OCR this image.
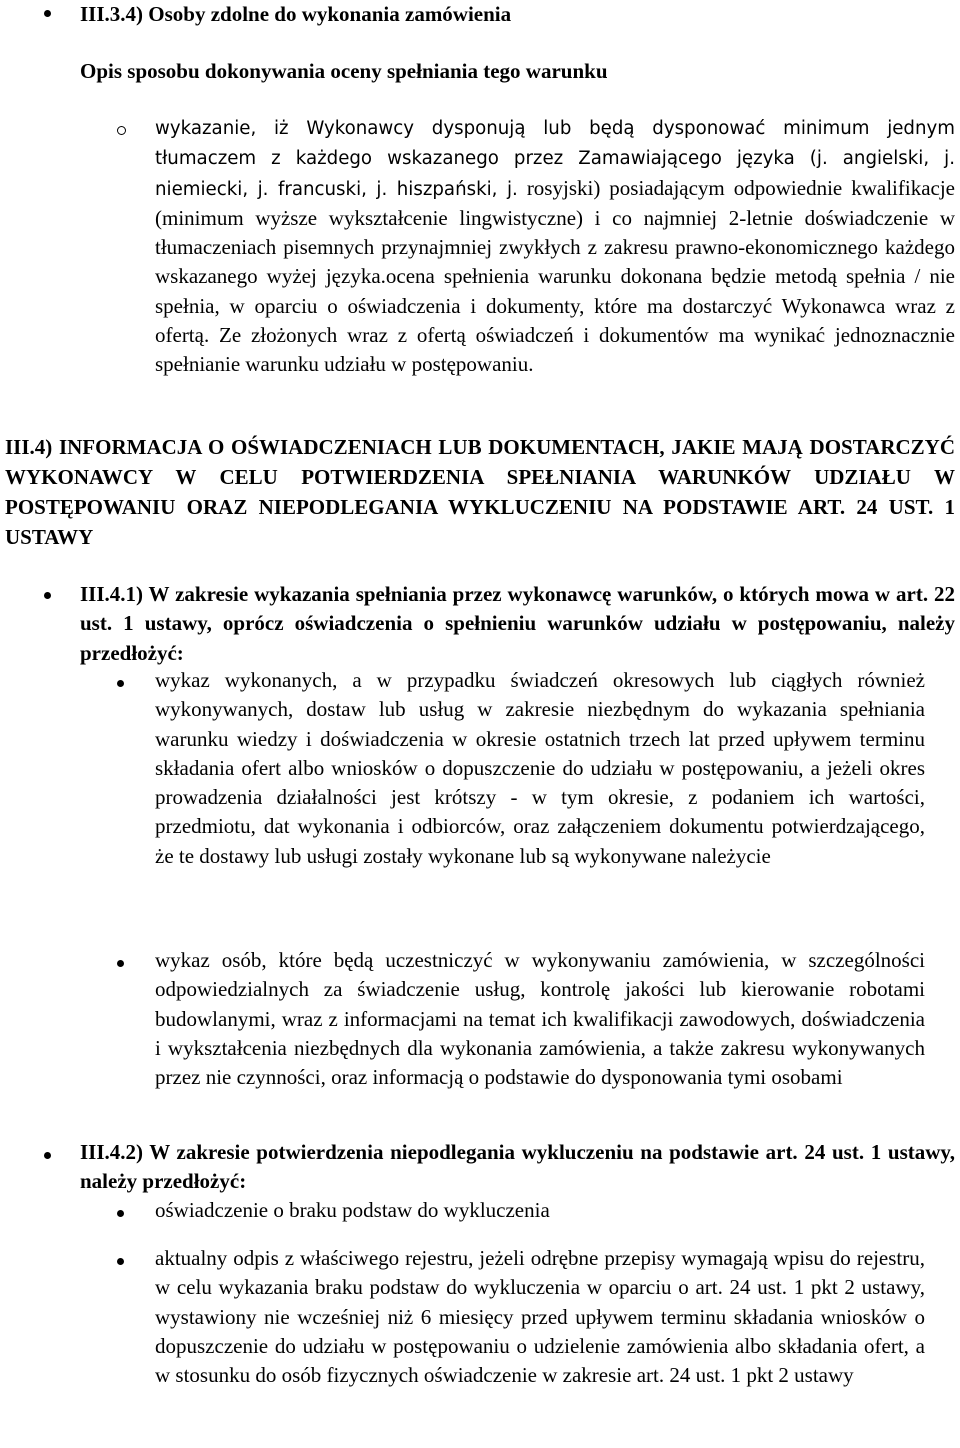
III.3.4) Osoby zdolne do wykonania zamówienia
Opis sposobu dokonywania oceny spełniania tego warunku
wykazanie, iż Wykonawcy dysponują lub będą dysponować minimum jednym tłumaczem z każdego wskazanego przez Zamawiającego języka (j. angielski, j. niemiecki, j. francuski, j. hiszpański, j. rosyjski) posiadającym odpowiednie kwalifikacje (minimum wyższe wykształcenie lingwistyczne) i co najmniej 2-letnie doświadczenie w tłumaczeniach pisemnych przynajmniej zwykłych z zakresu prawno-ekonomicznego każdego wskazanego wyżej języka.ocena spełnienia warunku dokonana będzie metodą spełnia / nie spełnia, w oparciu o oświadczenia i dokumenty, które ma dostarczyć Wykonawca wraz z ofertą. Ze złożonych wraz z ofertą oświadczeń i dokumentów ma wynikać jednoznacznie spełnianie warunku udziału w postępowaniu.
III.4) INFORMACJA O OŚWIADCZENIACH LUB DOKUMENTACH, JAKIE MAJĄ DOSTARCZYĆ WYKONAWCY W CELU POTWIERDZENIA SPEŁNIANIA WARUNKÓW UDZIAŁU W POSTĘPOWANIU ORAZ NIEPODLEGANIA WYKLUCZENIU NA PODSTAWIE ART. 24 UST. 1 USTAWY
III.4.1) W zakresie wykazania spełniania przez wykonawcę warunków, o których mowa w art. 22 ust. 1 ustawy, oprócz oświadczenia o spełnieniu warunków udziału w postępowaniu, należy przedłożyć:
wykaz wykonanych, a w przypadku świadczeń okresowych lub ciągłych również wykonywanych, dostaw lub usług w zakresie niezbędnym do wykazania spełniania warunku wiedzy i doświadczenia w okresie ostatnich trzech lat przed upływem terminu składania ofert albo wniosków o dopuszczenie do udziału w postępowaniu, a jeżeli okres prowadzenia działalności jest krótszy - w tym okresie, z podaniem ich wartości, przedmiotu, dat wykonania i odbiorców, oraz załączeniem dokumentu potwierdzającego, że te dostawy lub usługi zostały wykonane lub są wykonywane należycie
wykaz osób, które będą uczestniczyć w wykonywaniu zamówienia, w szczególności odpowiedzialnych za świadczenie usług, kontrolę jakości lub kierowanie robotami budowlanymi, wraz z informacjami na temat ich kwalifikacji zawodowych, doświadczenia i wykształcenia niezbędnych dla wykonania zamówienia, a także zakresu wykonywanych przez nie czynności, oraz informacją o podstawie do dysponowania tymi osobami
III.4.2) W zakresie potwierdzenia niepodlegania wykluczeniu na podstawie art. 24 ust. 1 ustawy, należy przedłożyć:
oświadczenie o braku podstaw do wykluczenia
aktualny odpis z właściwego rejestru, jeżeli odrębne przepisy wymagają wpisu do rejestru, w celu wykazania braku podstaw do wykluczenia w oparciu o art. 24 ust. 1 pkt 2 ustawy, wystawiony nie wcześniej niż 6 miesięcy przed upływem terminu składania wniosków o dopuszczenie do udziału w postępowaniu o udzielenie zamówienia albo składania ofert, a w stosunku do osób fizycznych oświadczenie w zakresie art. 24 ust. 1 pkt 2 ustawy
